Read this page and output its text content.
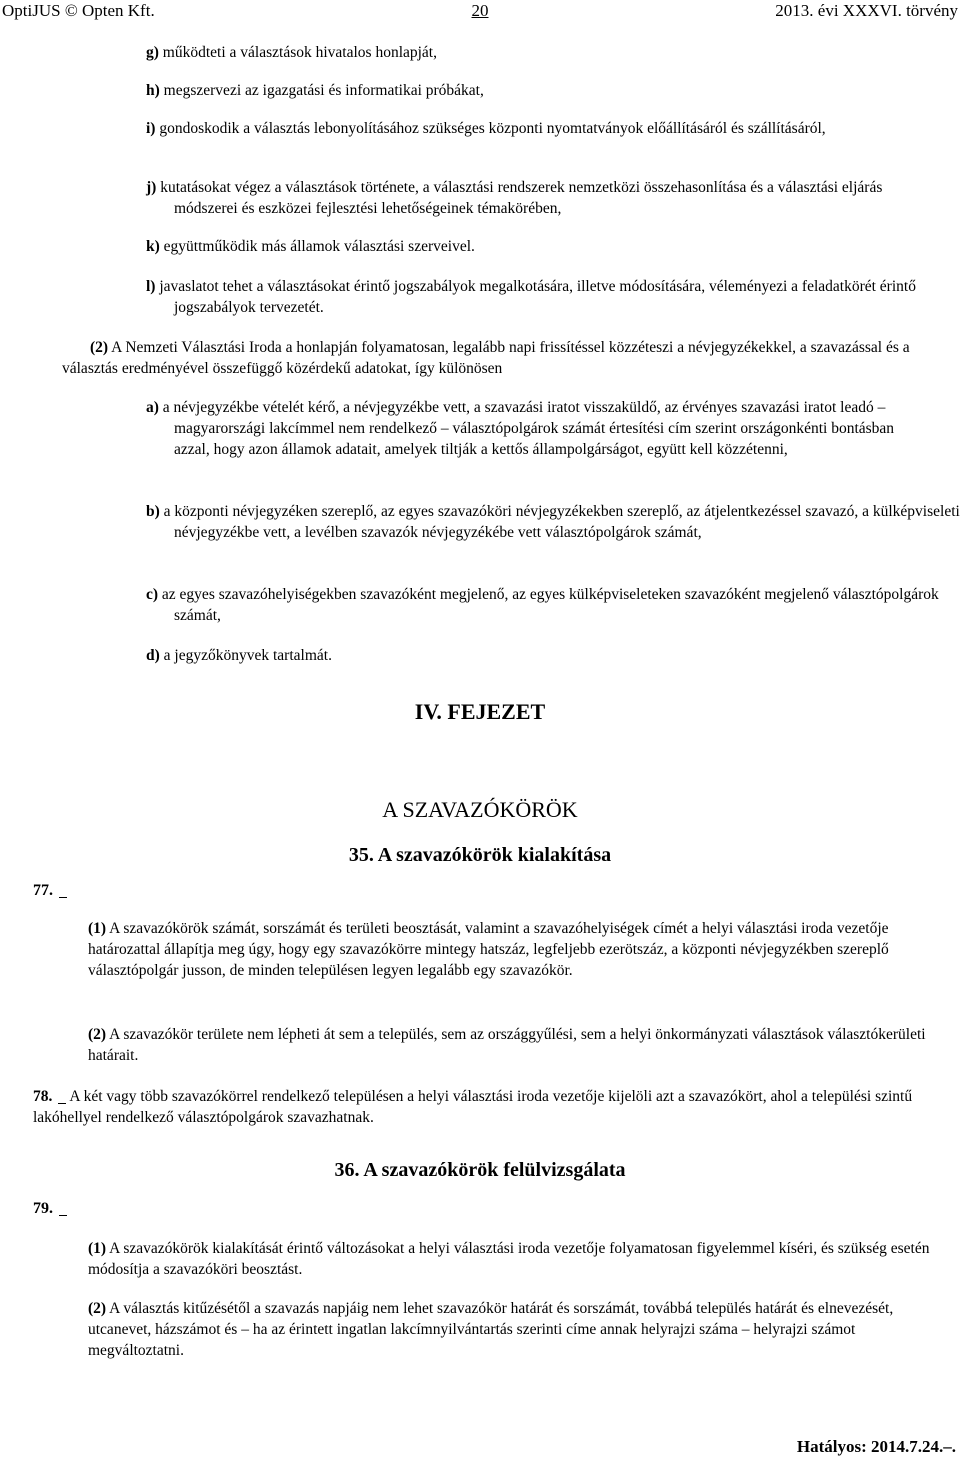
OptiJUS © Opten Kft.	20	2013. évi XXXVI. törvény
g) működteti a választások hivatalos honlapját,
h) megszervezi az igazgatási és informatikai próbákat,
i) gondoskodik a választás lebonyolításához szükséges központi nyomtatványok előállításáról és szállításáról,
j) kutatásokat végez a választások története, a választási rendszerek nemzetközi összehasonlítása és a választási eljárás módszerei és eszközei fejlesztési lehetőségeinek témakörében,
k) együttműködik más államok választási szerveivel.
l) javaslatot tehet a választásokat érintő jogszabályok megalkotására, illetve módosítására, véleményezi a feladatkörét érintő jogszabályok tervezetét.
(2) A Nemzeti Választási Iroda a honlapján folyamatosan, legalább napi frissítéssel közzéteszi a névjegyzékekkel, a szavazással és a választás eredményével összefüggő közérdekű adatokat, így különösen
a) a névjegyzékbe vételét kérő, a névjegyzékbe vett, a szavazási iratot visszaküldő, az érvényes szavazási iratot leadó – magyarországi lakcímmel nem rendelkező – választópolgárok számát értesítési cím szerint országonkénti bontásban azzal, hogy azon államok adatait, amelyek tiltják a kettős állampolgárságot, együtt kell közzétenni,
b) a központi névjegyzéken szereplő, az egyes szavazóköri névjegyzékekben szereplő, az átjelentkezéssel szavazó, a külképviseleti névjegyzékbe vett, a levélben szavazók névjegyzékébe vett választópolgárok számát,
c) az egyes szavazóhelyiségekben szavazóként megjelenő, az egyes külképviseleteken szavazóként megjelenő választópolgárok számát,
d) a jegyzőkönyvek tartalmát.
IV. FEJEZET
A SZAVAZÓKÖRÖK
35. A szavazókörök kialakítása
77.
(1) A szavazókörök számát, sorszámát és területi beosztását, valamint a szavazóhelyiségek címét a helyi választási iroda vezetője határozattal állapítja meg úgy, hogy egy szavazókörre mintegy hatszáz, legfeljebb ezerötszáz, a központi névjegyzékben szereplő választópolgár jusson, de minden településen legyen legalább egy szavazókör.
(2) A szavazókör területe nem lépheti át sem a település, sem az országgyűlési, sem a helyi önkormányzati választások választókerületi határait.
78. A két vagy több szavazókörrel rendelkező településen a helyi választási iroda vezetője kijelöli azt a szavazókört, ahol a települési szintű lakóhellyel rendelkező választópolgárok szavazhatnak.
36. A szavazókörök felülvizsgálata
79.
(1) A szavazókörök kialakítását érintő változásokat a helyi választási iroda vezetője folyamatosan figyelemmel kíséri, és szükség esetén módosítja a szavazóköri beosztást.
(2) A választás kitűzésétől a szavazás napjáig nem lehet szavazókör határát és sorszámát, továbbá település határát és elnevezését, utcanevet, házszámot és – ha az érintett ingatlan lakcímnyilvántartás szerinti címe annak helyrajzi száma – helyrajzi számot megváltoztatni.
Hatályos: 2014.7.24.–.
